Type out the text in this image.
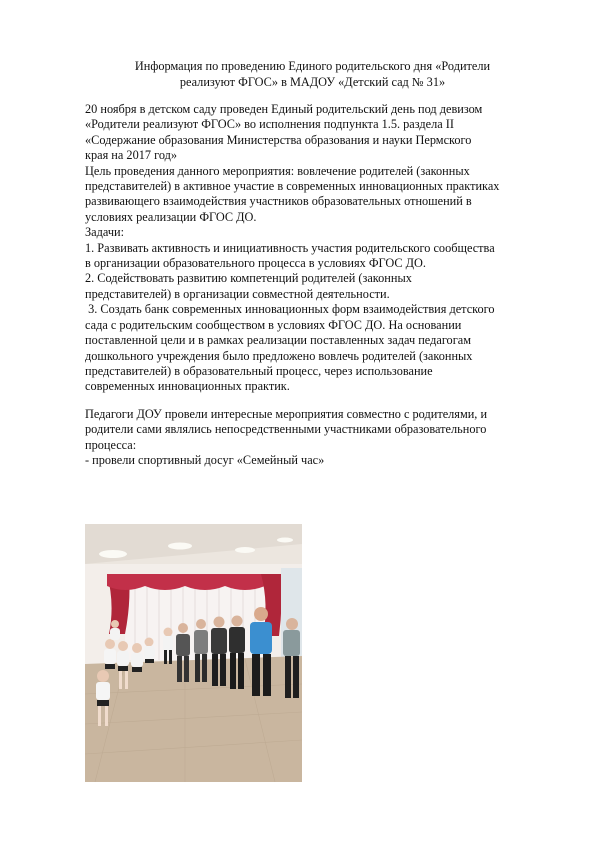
Информация по проведению Единого родительского дня «Родители
реализуют ФГОС» в МАДОУ «Детский сад № 31»
20 ноября в детском саду проведен Единый родительский день под девизом
«Родители реализуют ФГОС» во исполнения подпункта 1.5. раздела II
«Содержание образования Министерства образования и науки Пермского
края на 2017 год»
Цель проведения данного мероприятия: вовлечение родителей (законных
представителей) в активное участие в современных инновационных практиках
развивающего взаимодействия участников образовательных отношений в
условиях реализации ФГОС ДО.
Задачи:
1. Развивать активность и инициативность участия родительского сообщества
в организации образовательного процесса в условиях ФГОС ДО.
2. Содействовать развитию компетенций родителей (законных
представителей) в организации совместной деятельности.
3. Создать банк современных инновационных форм взаимодействия детского
сада с родительским сообществом в условиях ФГОС ДО. На основании
поставленной цели и в рамках реализации поставленных задач педагогам
дошкольного учреждения было предложено вовлечь родителей (законных
представителей) в образовательный процесс, через использование
современных инновационных практик.
Педагоги ДОУ провели интересные мероприятия совместно с родителями, и
родители сами являлись непосредственными участниками образовательного
процесса:
- провели спортивный досуг «Семейный час»
